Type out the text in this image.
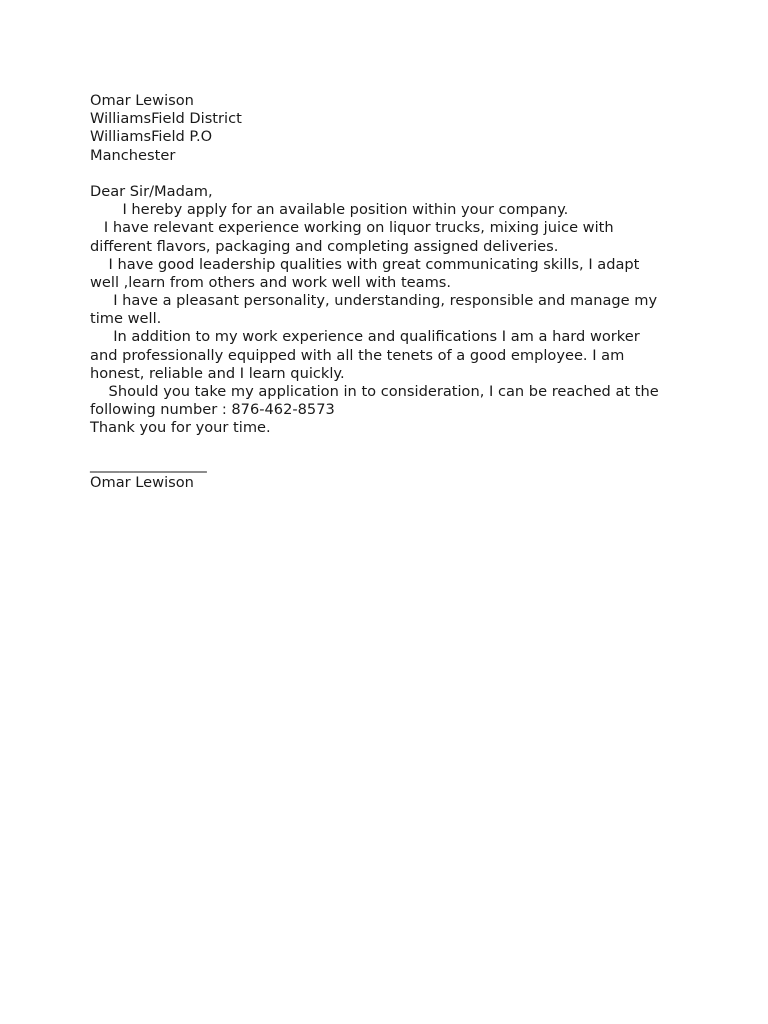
Omar Lewison
WilliamsField District
WilliamsField P.O
Manchester
Dear Sir/Madam,
I hereby apply for an available position within your company.
I have relevant experience working on liquor trucks, mixing juice with
different flavors, packaging and completing assigned deliveries.
I have good leadership qualities with great communicating skills, I adapt
well ,learn from others and work well with teams.
I have a pleasant personality, understanding, responsible and manage my
time well.
In addition to my work experience and qualifications I am a hard worker
and professionally equipped with all the tenets of a good employee. I am
honest, reliable and I learn quickly.
Should you take my application in to consideration, I can be reached at the
following number : 876-462-8573
Thank you for your time.
________________
Omar Lewison
